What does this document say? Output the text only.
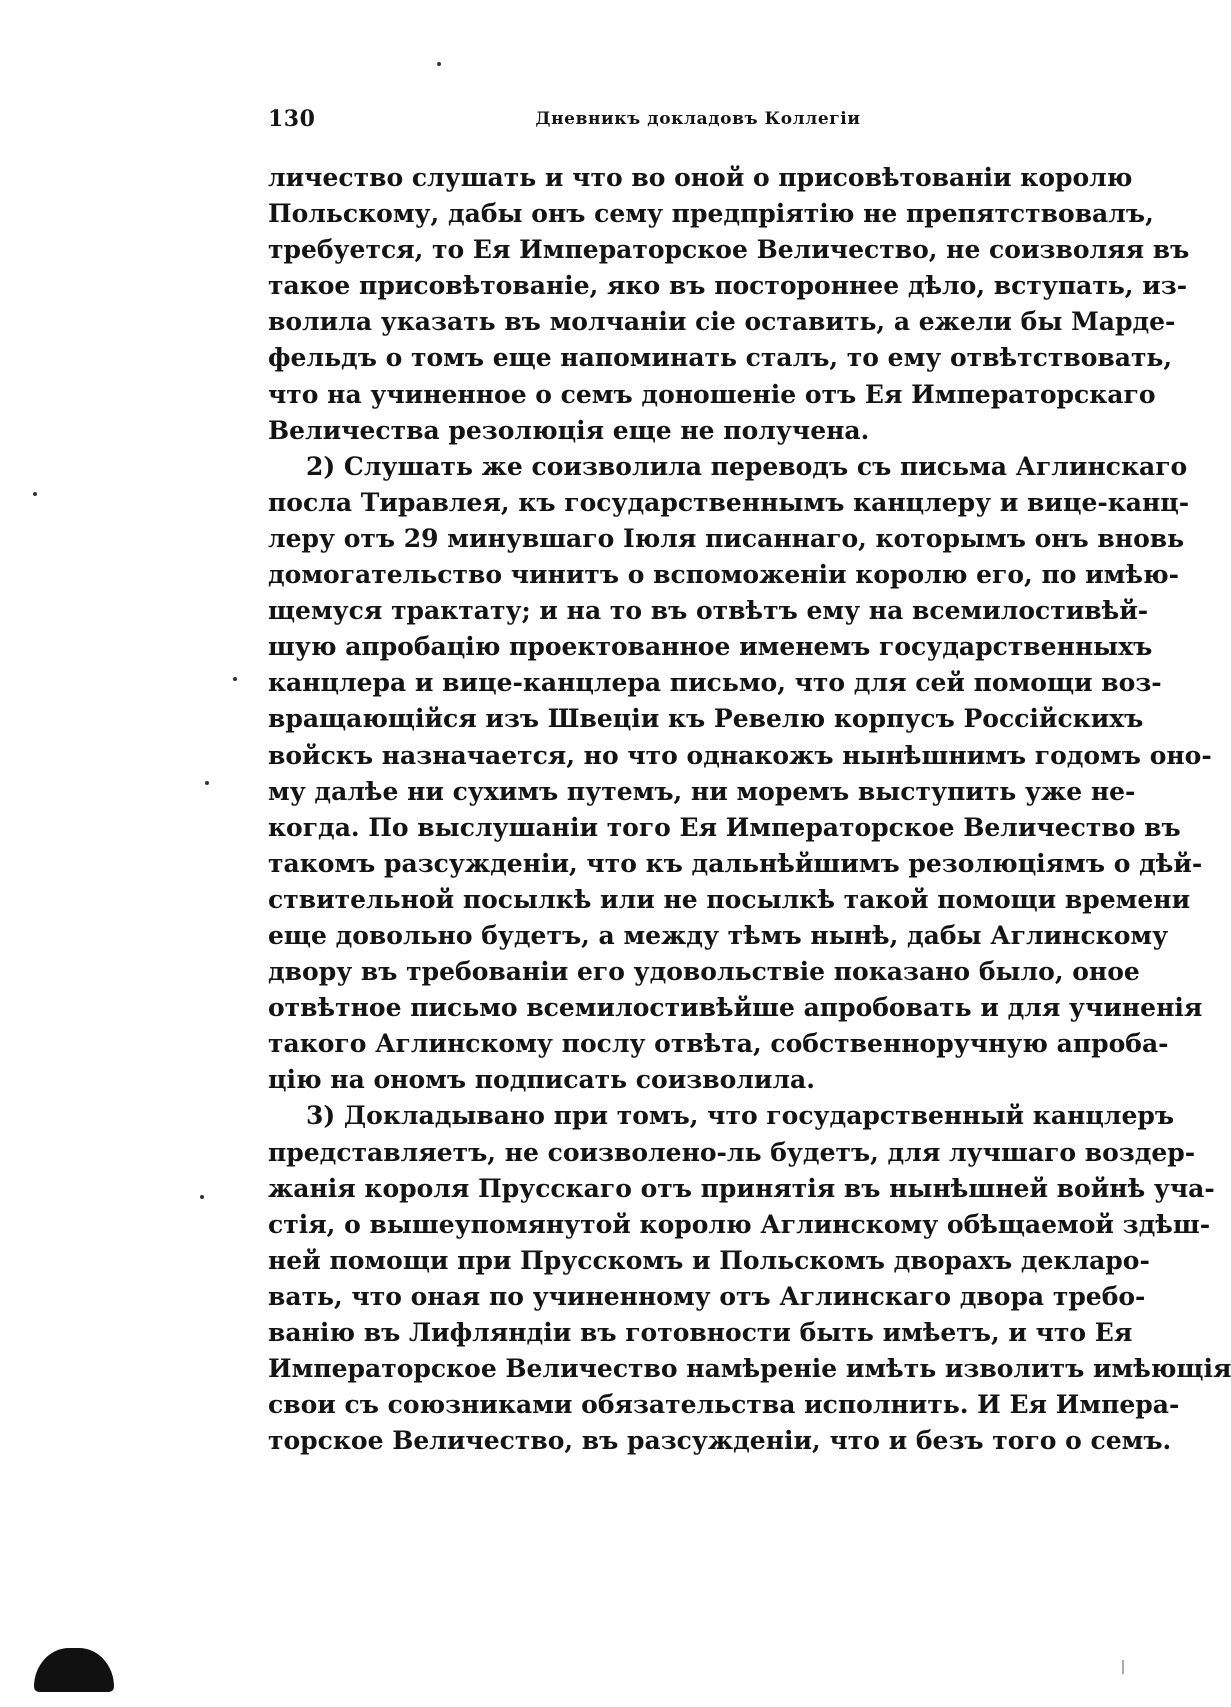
130	Дневникъ докладовъ Коллегіи
личество слушать и что во оной о присовѣтованіи королю
Польскому, дабы онъ сему предпріятію не препятствовалъ,
требуется, то Ея Императорское Величество, не соизволяя въ
такое присовѣтованіе, яко въ постороннее дѣло, вступать, из-
волила указать въ молчаніи сіе оставить, а ежели бы Марде-
фельдъ о томъ еще напоминать сталъ, то ему отвѣтствовать,
что на учиненное о семъ доношеніе отъ Ея Императорскаго
Величества резолюція еще не получена.
2) Слушать же соизволила переводъ съ письма Аглинскаго
посла Тиравлея, къ государственнымъ канцлеру и вице-канц-
леру отъ 29 минувшаго Іюля писаннаго, которымъ онъ вновь
домогательство чинитъ о вспоможеніи королю его, по имѣю-
щемуся трактату; и на то въ отвѣтъ ему на всемилостивѣй-
шую апробацію проектованное именемъ государственныхъ
канцлера и вице-канцлера письмо, что для сей помощи воз-
вращающійся изъ Швеціи къ Ревелю корпусъ Россійскихъ
войскъ назначается, но что однакожъ нынѣшнимъ годомъ оно-
му далѣе ни сухимъ путемъ, ни моремъ выступить уже не-
когда. По выслушаніи того Ея Императорское Величество въ
такомъ разсужденіи, что къ дальнѣйшимъ резолюціямъ о дѣй-
ствительной посылкѣ или не посылкѣ такой помощи времени
еще довольно будетъ, а между тѣмъ нынѣ, дабы Аглинскому
двору въ требованіи его удовольствіе показано было, оное
отвѣтное письмо всемилостивѣйше апробовать и для учиненія
такого Аглинскому послу отвѣта, собственноручную апроба-
цію на ономъ подписать соизволила.
3) Докладывано при томъ, что государственный канцлеръ
представляетъ, не соизволено-ль будетъ, для лучшаго воздер-
жанія короля Прусскаго отъ принятія въ нынѣшней войнѣ уча-
стія, о вышеупомянутой королю Аглинскому обѣщаемой здѣш-
ней помощи при Прусскомъ и Польскомъ дворахъ декларо-
вать, что оная по учиненному отъ Аглинскаго двора требо-
ванію въ Лифляндіи въ готовности быть имѣетъ, и что Ея
Императорское Величество намѣреніе имѣть изволитъ имѣющія
свои съ союзниками обязательства исполнить. И Ея Импера-
торское Величество, въ разсужденіи, что и безъ того о семъ.
